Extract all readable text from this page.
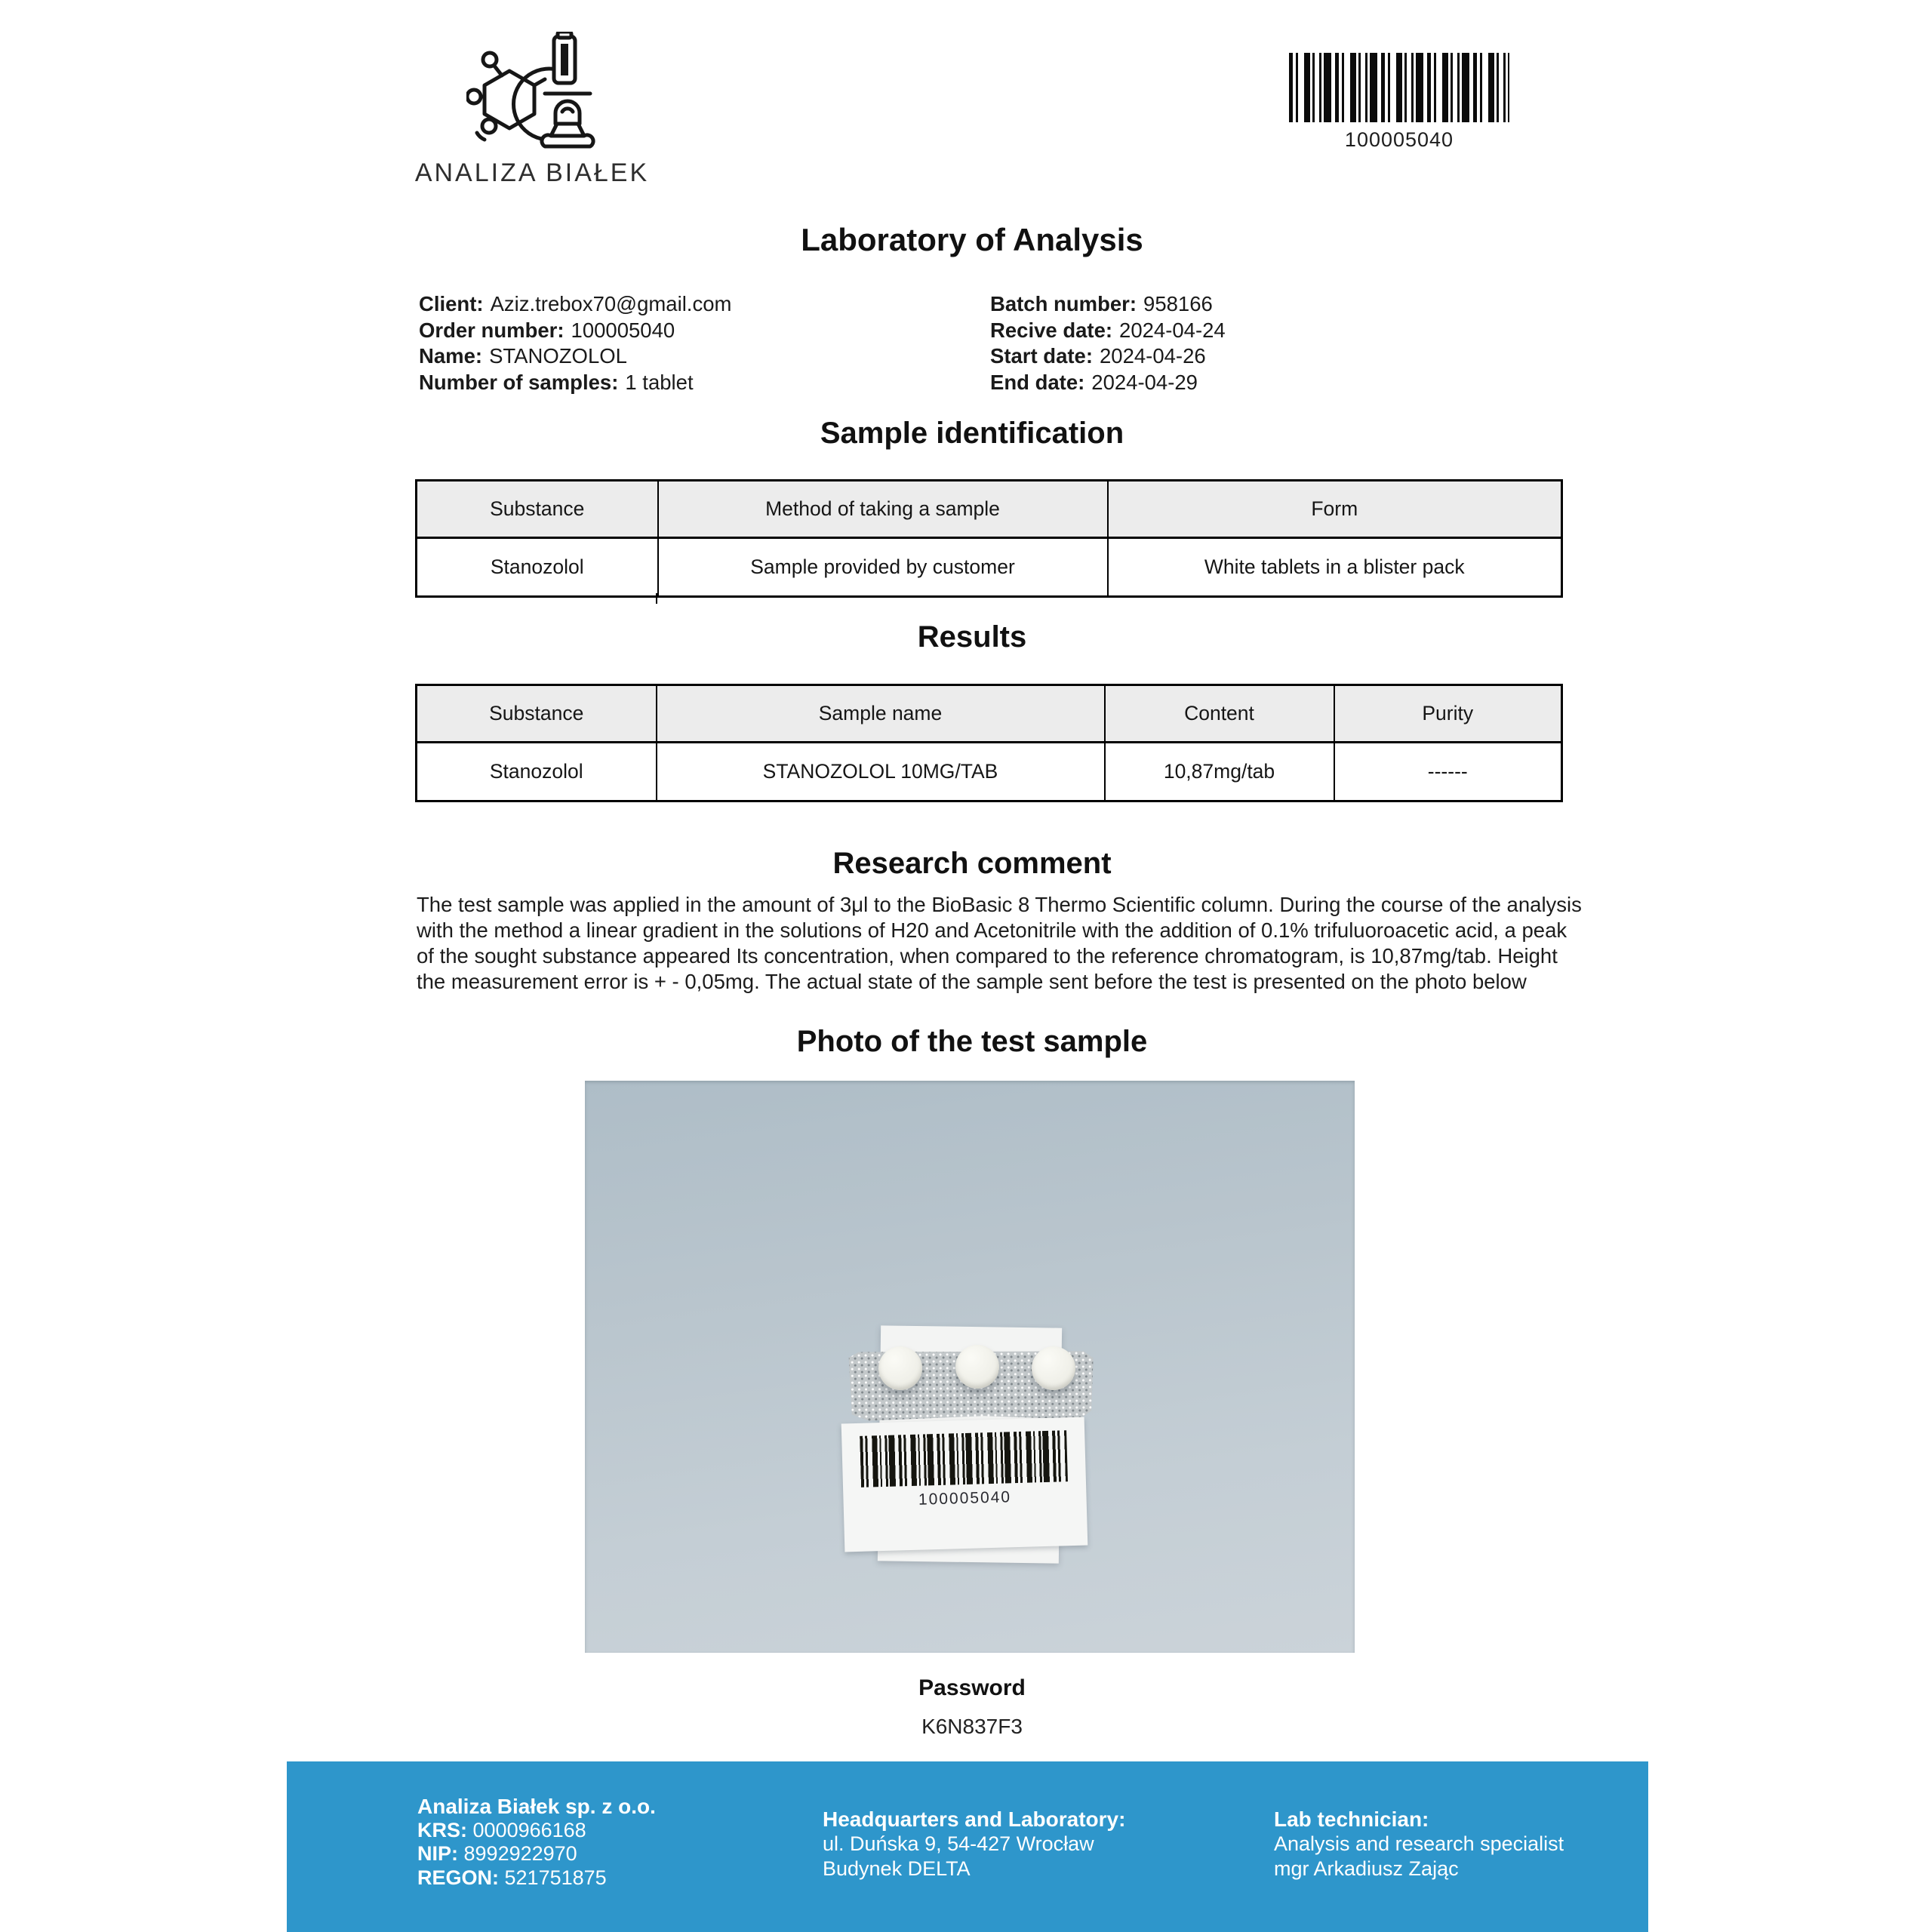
ANALIZA BIAŁEK
100005040
Laboratory of Analysis
Client: Aziz.trebox70@gmail.com
Order number: 100005040
Name: STANOZOLOL
Number of samples: 1 tablet
Batch number: 958166
Recive date: 2024-04-24
Start date: 2024-04-26
End date: 2024-04-29
Sample identification
Substance	Method of taking a sample	Form
Stanozolol	Sample provided by customer	White tablets in a blister pack
Results
Substance	Sample name	Content	Purity
Stanozolol	STANOZOLOL 10MG/TAB	10,87mg/tab	------
Research comment
The test sample was applied in the amount of 3μl to the BioBasic 8 Thermo Scientific column. During the course of the analysis with the method a linear gradient in the solutions of H20 and Acetonitrile with the addition of 0.1% trifuluoroacetic acid, a peak of the sought substance appeared Its concentration, when compared to the reference chromatogram, is 10,87mg/tab. Height the measurement error is + - 0,05mg. The actual state of the sample sent before the test is presented on the photo below
Photo of the test sample
100005040
Password
K6N837F3
Analiza Białek sp. z o.o.
KRS: 0000966168
NIP: 8992922970
REGON: 521751875
Headquarters and Laboratory:
ul. Duńska 9, 54-427 Wrocław
Budynek DELTA
Lab technician:
Analysis and research specialist
mgr Arkadiusz Zając
